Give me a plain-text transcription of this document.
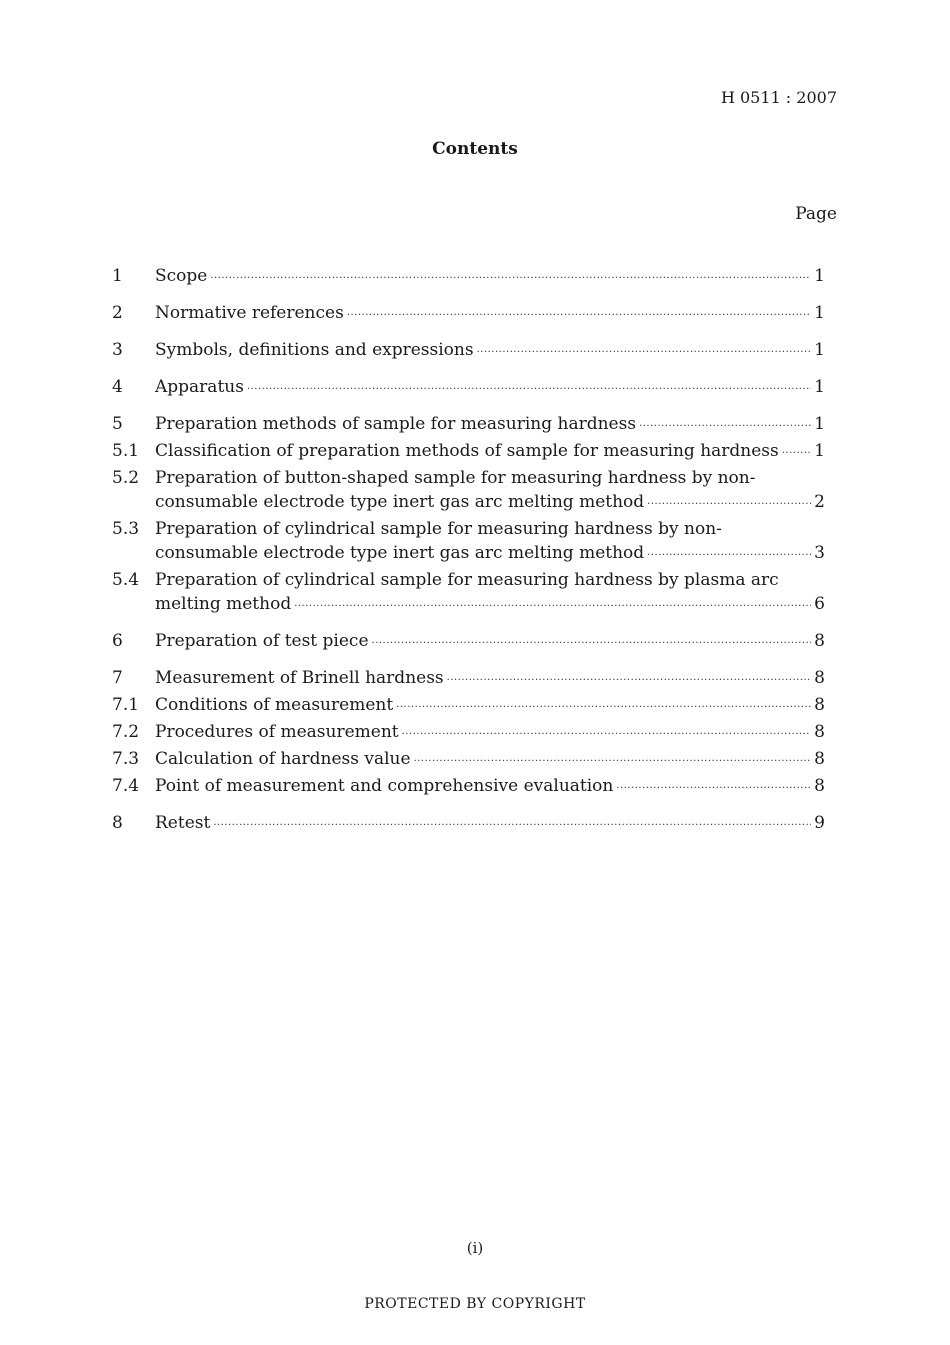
H 0511 : 2007
Contents
Page
1	Scope ·····	1
2	Normative references ·····	1
3	Symbols, definitions and expressions ·····	1
4	Apparatus ·····	1
5	Preparation methods of sample for measuring hardness ·····	1
5.1 Classification of preparation methods of sample for measuring hardness ····· 1
5.2 Preparation of button-shaped sample for measuring hardness by non-
consumable electrode type inert gas arc melting method ·····	2
5.3 Preparation of cylindrical sample for measuring hardness by non-
consumable electrode type inert gas arc melting method ·····	3
5.4 Preparation of cylindrical sample for measuring hardness by plasma arc
melting method ·····	6
6	Preparation of test piece ·····	8
7	Measurement of Brinell hardness ·····	8
7.1 Conditions of measurement ·····	8
7.2 Procedures of measurement ·····	8
7.3 Calculation of hardness value ·····	8
7.4 Point of measurement and comprehensive evaluation ·····	8
8	Retest ·····	9
(i)
PROTECTED BY COPYRIGHT
